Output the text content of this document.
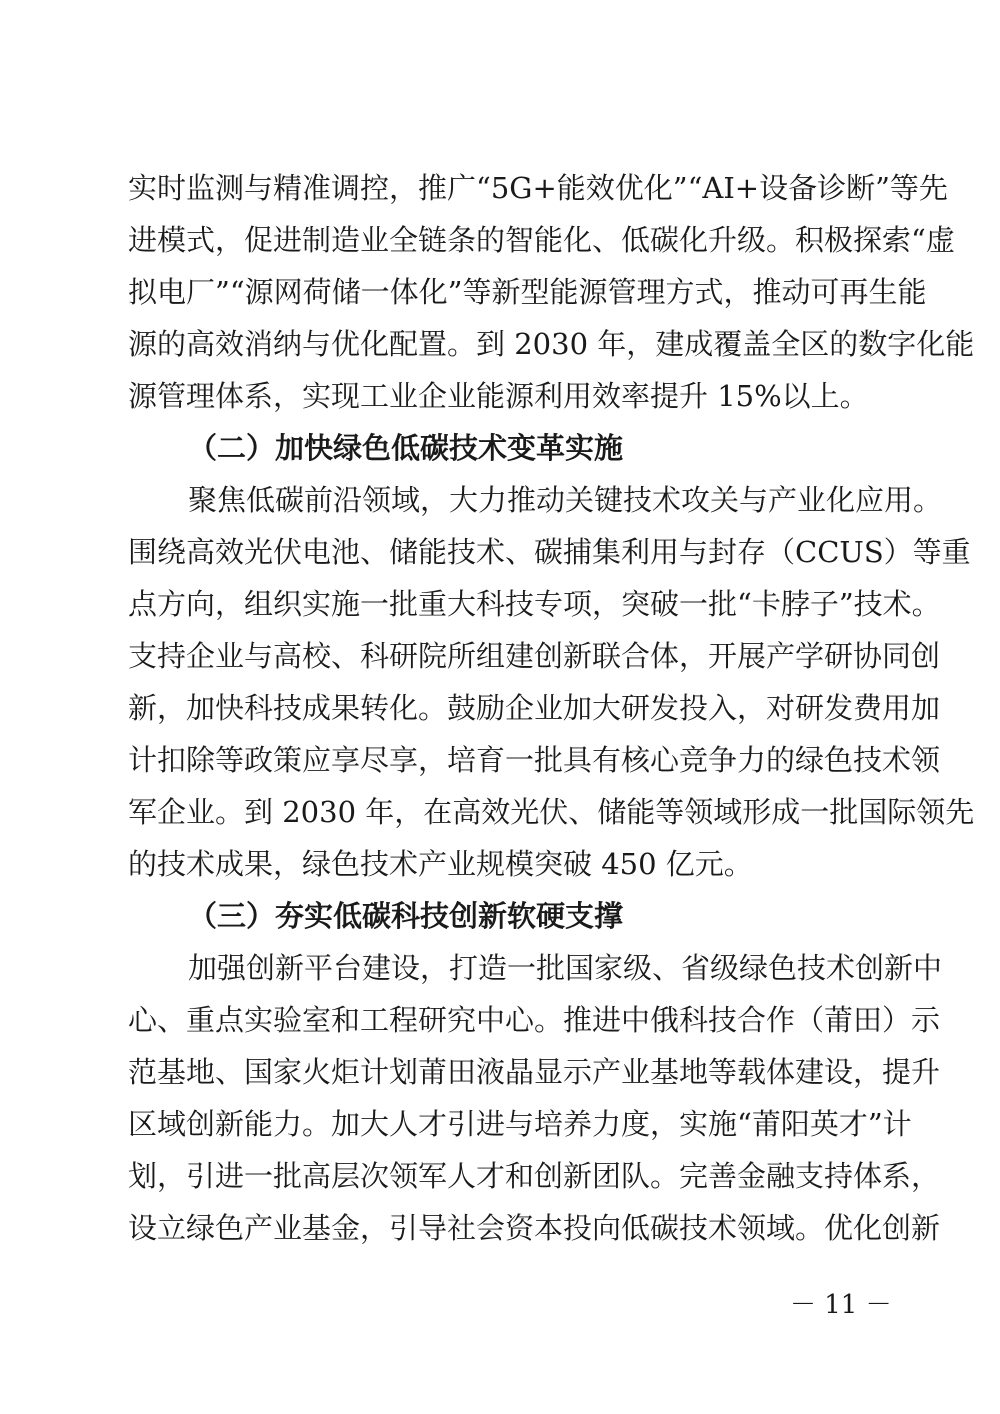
实时监测与精准调控，推广“5G+能效优化”“AI+设备诊断”等先
进模式，促进制造业全链条的智能化、低碳化升级。积极探索“虚
拟电厂”“源网荷储一体化”等新型能源管理方式，推动可再生能
源的高效消纳与优化配置。到 2030 年，建成覆盖全区的数字化能
源管理体系，实现工业企业能源利用效率提升 15%以上。
（二）加快绿色低碳技术变革实施
聚焦低碳前沿领域，大力推动关键技术攻关与产业化应用。
围绕高效光伏电池、储能技术、碳捕集利用与封存（CCUS）等重
点方向，组织实施一批重大科技专项，突破一批“卡脖子”技术。
支持企业与高校、科研院所组建创新联合体，开展产学研协同创
新，加快科技成果转化。鼓励企业加大研发投入，对研发费用加
计扣除等政策应享尽享，培育一批具有核心竞争力的绿色技术领
军企业。到 2030 年，在高效光伏、储能等领域形成一批国际领先
的技术成果，绿色技术产业规模突破 450 亿元。
（三）夯实低碳科技创新软硬支撑
加强创新平台建设，打造一批国家级、省级绿色技术创新中
心、重点实验室和工程研究中心。推进中俄科技合作（莆田）示
范基地、国家火炬计划莆田液晶显示产业基地等载体建设，提升
区域创新能力。加大人才引进与培养力度，实施“莆阳英才”计
划，引进一批高层次领军人才和创新团队。完善金融支持体系，
设立绿色产业基金，引导社会资本投向低碳技术领域。优化创新
－ 11 －
